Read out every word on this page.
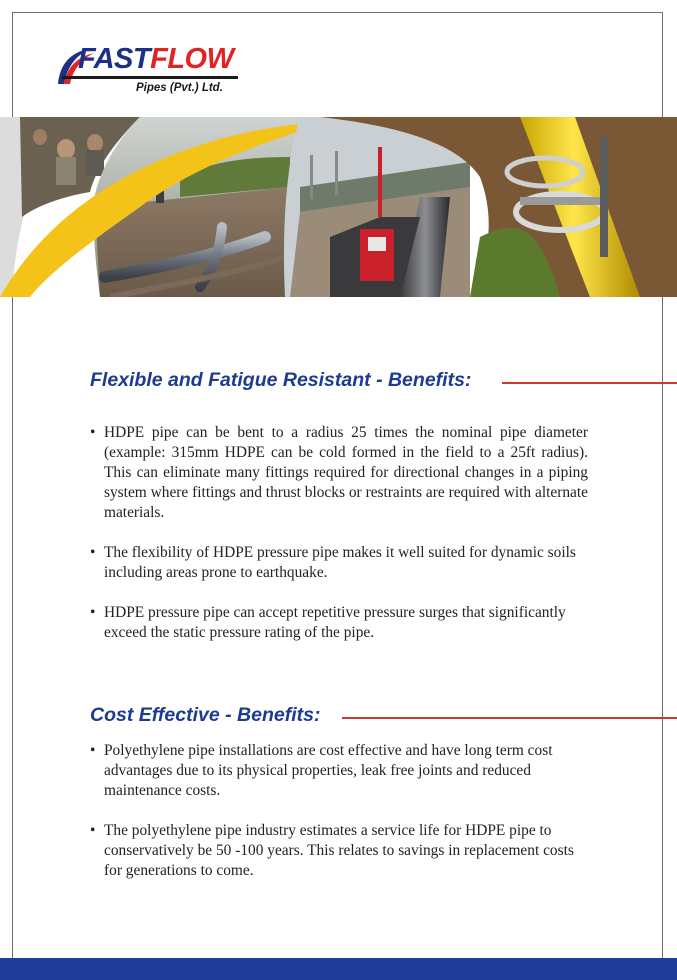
FASTFLOW
Pipes (Pvt.) Ltd.
Flexible and Fatigue Resistant - Benefits:
• HDPE pipe can be bent to a radius 25 times the nominal pipe diameter (example: 315mm HDPE can be cold formed in the field to a 25ft radius). This can eliminate many fittings required for directional changes in a piping system where fittings and thrust blocks or restraints are required with alternate materials.
• The flexibility of HDPE pressure pipe makes it well suited for dynamic soils including areas prone to earthquake.
• HDPE pressure pipe can accept repetitive pressure surges that significantly exceed the static pressure rating of the pipe.
Cost Effective - Benefits:
• Polyethylene pipe installations are cost effective and have long term cost advantages due to its physical properties, leak free joints and reduced maintenance costs.
• The polyethylene pipe industry estimates a service life for HDPE pipe to conservatively be 50 -100 years. This relates to savings in replacement costs for generations to come.
